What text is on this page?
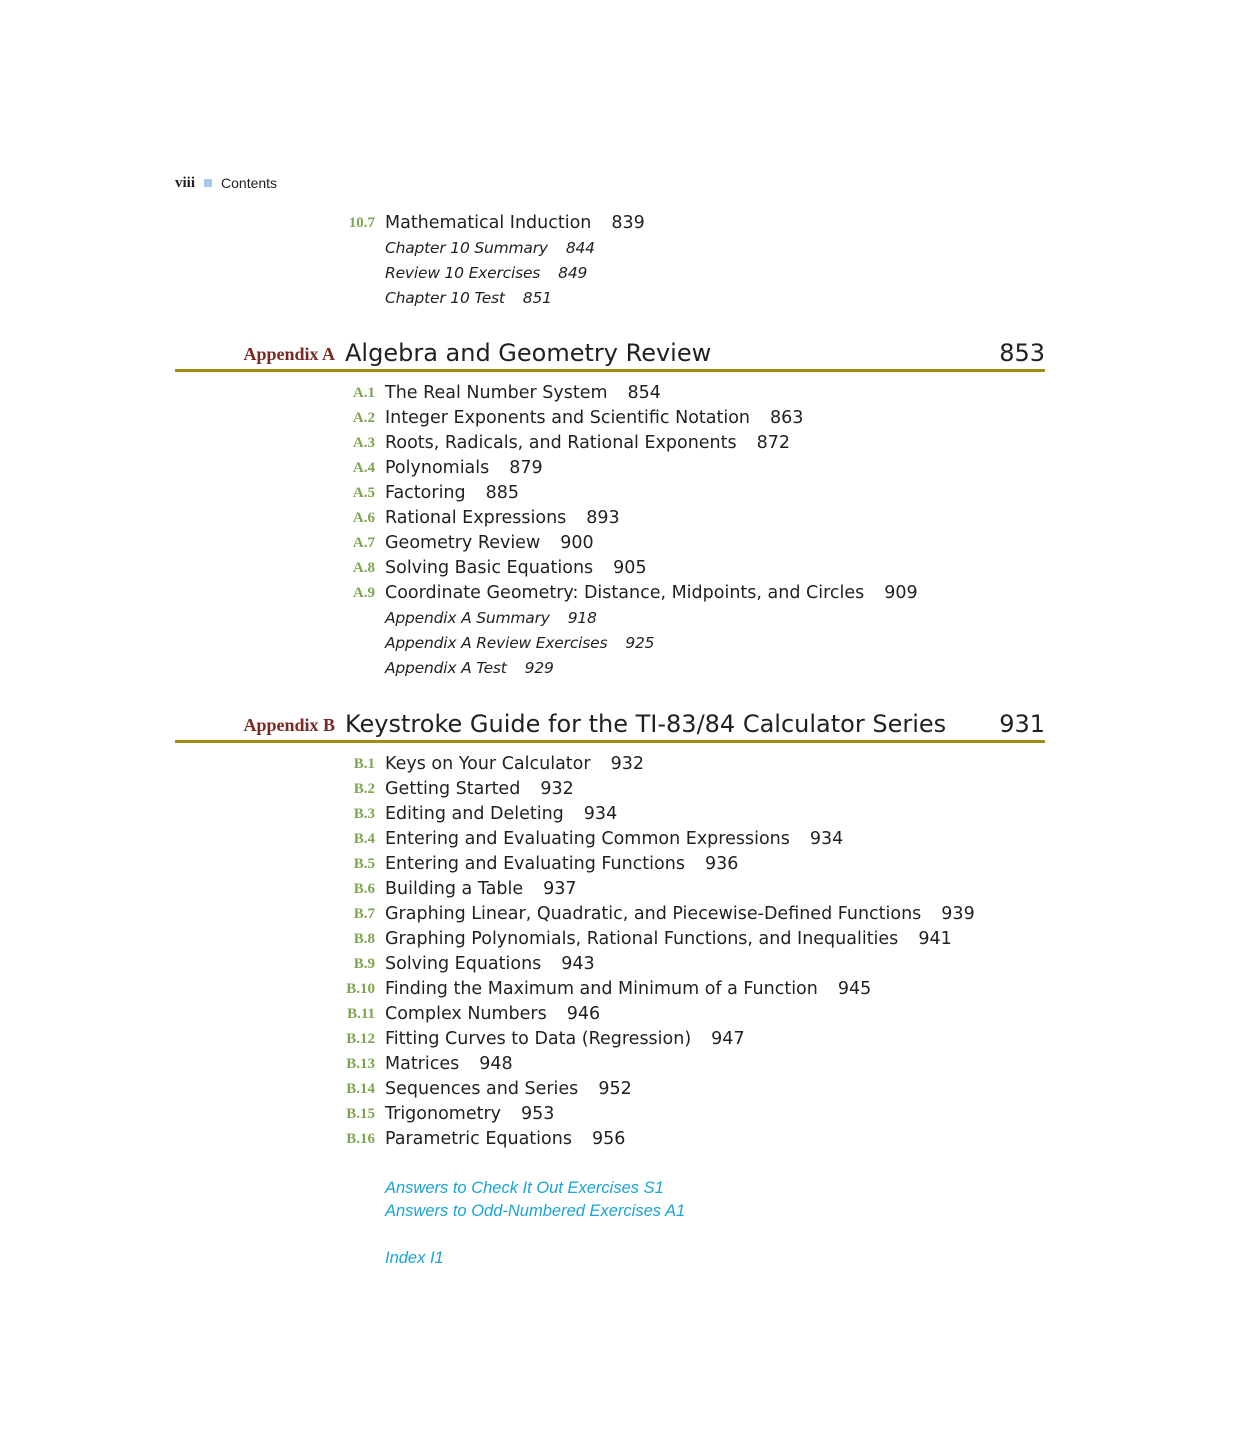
viii Contents
10.7 Mathematical Induction 839
Chapter 10 Summary 844
Review 10 Exercises 849
Chapter 10 Test 851
Appendix A Algebra and Geometry Review	853
A.1 The Real Number System 854
A.2 Integer Exponents and Scientific Notation 863
A.3 Roots, Radicals, and Rational Exponents 872
A.4 Polynomials 879
A.5 Factoring 885
A.6 Rational Expressions 893
A.7 Geometry Review 900
A.8 Solving Basic Equations 905
A.9 Coordinate Geometry: Distance, Midpoints, and Circles 909
Appendix A Summary 918
Appendix A Review Exercises 925
Appendix A Test 929
Appendix B Keystroke Guide for the TI-83/84 Calculator Series 931
B.1 Keys on Your Calculator 932
B.2 Getting Started 932
B.3 Editing and Deleting 934
B.4 Entering and Evaluating Common Expressions 934
B.5 Entering and Evaluating Functions 936
B.6 Building a Table 937
B.7 Graphing Linear, Quadratic, and Piecewise-Defined Functions 939
B.8 Graphing Polynomials, Rational Functions, and Inequalities 941
B.9 Solving Equations 943
B.10 Finding the Maximum and Minimum of a Function 945
B.11 Complex Numbers 946
B.12 Fitting Curves to Data (Regression) 947
B.13 Matrices 948
B.14 Sequences and Series 952
B.15 Trigonometry 953
B.16 Parametric Equations 956
Answers to Check It Out Exercises S1
Answers to Odd-Numbered Exercises A1
Index I1
